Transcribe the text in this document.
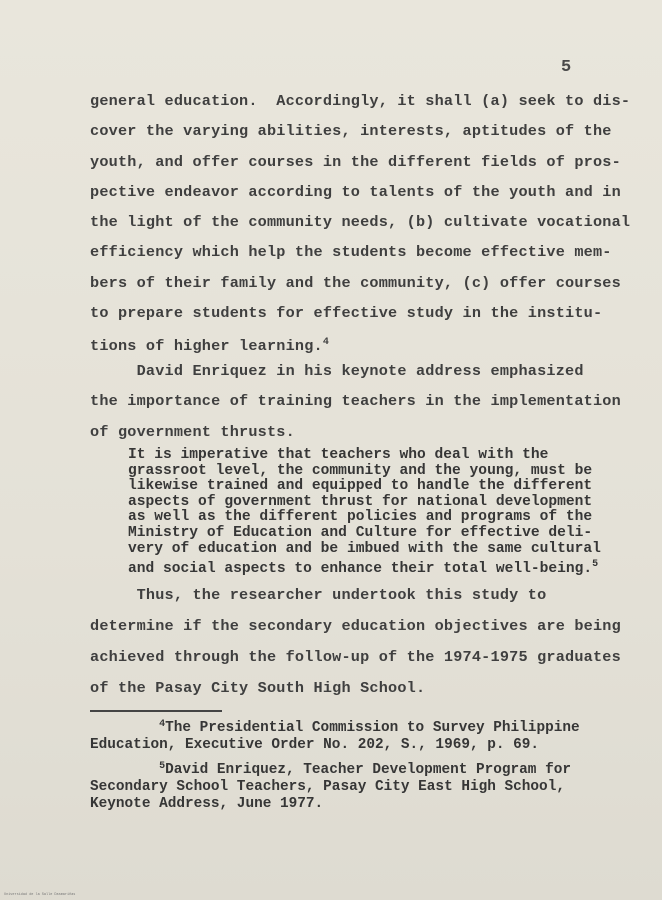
5
general education.  Accordingly, it shall (a) seek to dis-
cover the varying abilities, interests, aptitudes of the
youth, and offer courses in the different fields of pros-
pective endeavor according to talents of the youth and in
the light of the community needs, (b) cultivate vocational
efficiency which help the students become effective mem-
bers of their family and the community, (c) offer courses
to prepare students for effective study in the institu-
tions of higher learning.$^4$
David Enriquez in his keynote address emphasized
the importance of training teachers in the implementation
of government thrusts.
It is imperative that teachers who deal with the
grassroot level, the community and the young, must be
likewise trained and equipped to handle the different
aspects of government thrust for national development
as well as the different policies and programs of the
Ministry of Education and Culture for effective deli-
very of education and be imbued with the same cultural
and social aspects to enhance their total well-being.$^5$
Thus, the researcher undertook this study to
determine if the secondary education objectives are being
achieved through the follow-up of the 1974-1975 graduates
of the Pasay City South High School.
$^4$The Presidential Commission to Survey Philippine
Education, Executive Order No. 202, S., 1969, p. 69.
$^5$David Enriquez, Teacher Development Program for
Secondary School Teachers, Pasay City East High School,
Keynote Address, June 1977.
Universidad de la Salle Dasmariñas
